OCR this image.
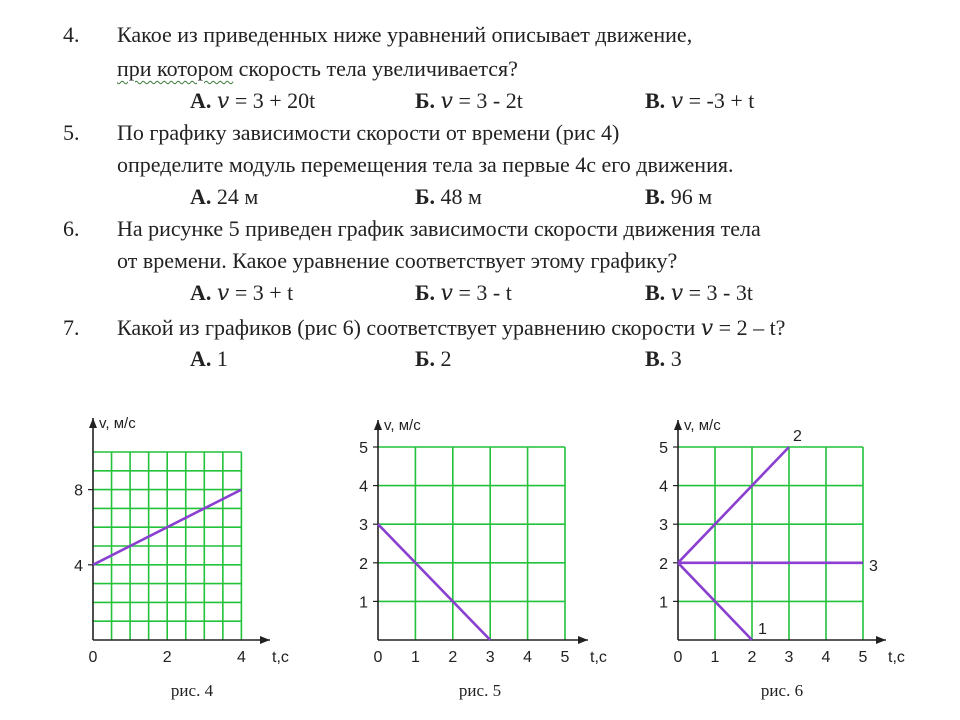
4. Какое из приведенных ниже уравнений описывает движение,
при котором скорость тела увеличивается?
А. 𝑣 = 3 + 20t	Б. 𝑣 = 3 - 2t	В. 𝑣 = -3 + t
5. По графику зависимости скорости от времени (рис 4)
определите модуль перемещения тела за первые 4с его движения.
А. 24 м	Б. 48 м	В. 96 м
6. На рисунке 5 приведен график зависимости скорости движения тела
от времени. Какое уравнение соответствует этому графику?
А. 𝑣 = 3 + t	Б. 𝑣 = 3 - t	В. 𝑣 = 3 - 3t
7. Какой из графиков (рис 6) соответствует уравнению скорости 𝑣 = 2 – t?
А. 1	Б. 2	В. 3
0	2	4
4
8
t,c
v, м/с
рис. 4
0 1 2 3 4 5
1
2
3
4
5
t,c
v, м/с
рис. 5
0 1 2 3 4 5
1
2
3
4
5
t,c
v, м/с
2
3
1
рис. 6
